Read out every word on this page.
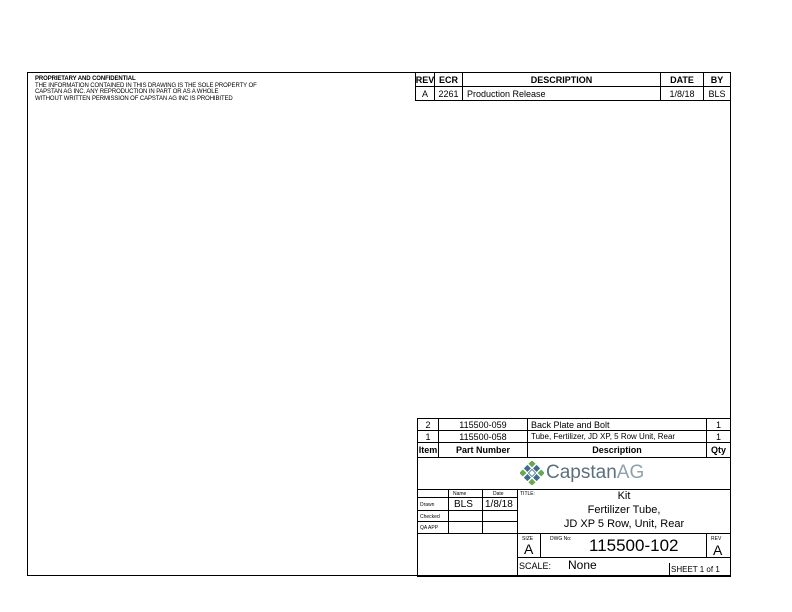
PROPRIETARY AND CONFIDENTIAL
THE INFORMATION CONTAINED IN THIS DRAWING IS THE SOLE PROPERTY OF
CAPSTAN AG INC. ANY REPRODUCTION IN PART OR AS A WHOLE
WITHOUT WRITTEN PERMISSION OF CAPSTAN AG INC IS PROHIBITED
REV ECR	DESCRIPTION	DATE	BY
A	2261 Production Release	1/8/18	BLS
2	115500-059	Back Plate and Bolt	1
1	115500-058	Tube, Fertilizer, JD XP, 5 Row Unit, Rear	1
Item	Part Number	Description	Qty
Capstan AG
Name	Date
Drawn BLS 1/8/18
Checked
QA APP
TITLE:	Kit
Fertilizer Tube,
JD XP 5 Row, Unit, Rear
SIZE
A
DWG No: 115500-102	REV
A
SCALE: None	SHEET 1 of 1
